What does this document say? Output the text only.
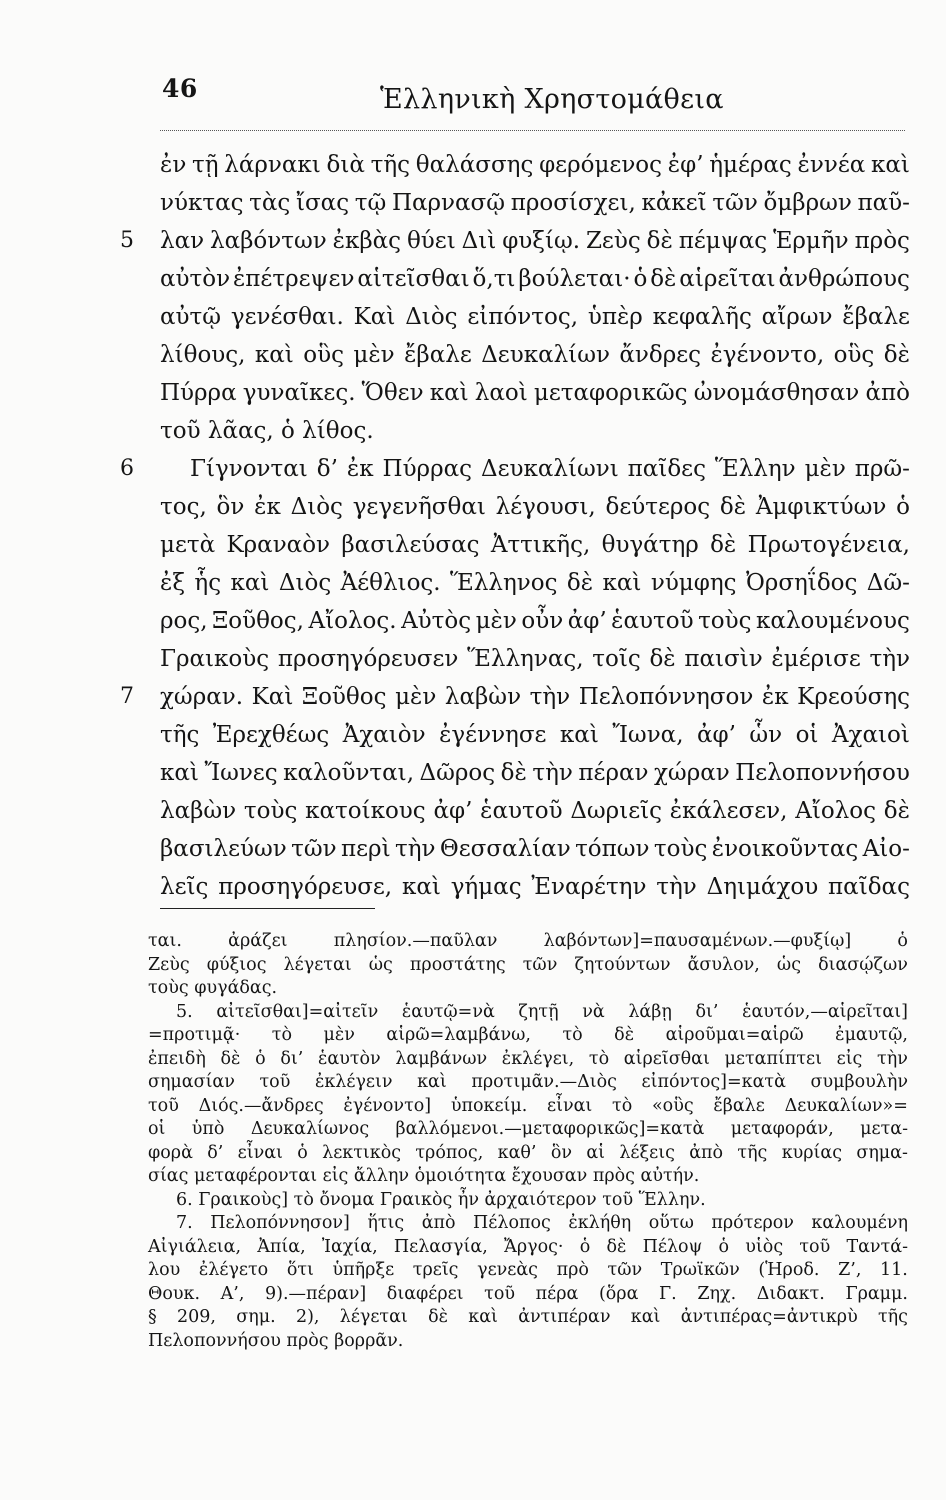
46	Ἑλληνικὴ Χρηστομάθεια
ἐν τῇ λάρνακι διὰ τῆς θαλάσσης φερόμενος ἐφ’ ἡμέρας ἐννέα καὶ
νύκτας τὰς ἴσας τῷ Παρνασῷ προσίσχει, κἀκεῖ τῶν ὄμβρων παῦ-
5 λαν λαβόντων ἐκβὰς θύει Διὶ φυξίῳ. Ζεὺς δὲ πέμψας Ἑρμῆν πρὸς
αὐτὸν ἐπέτρεψεν αἱτεῖσθαι ὅ,τι βούλεται· ὁ δὲ αἱρεῖται ἀνθρώπους
αὐτῷ γενέσθαι. Καὶ Διὸς εἰπόντος, ὑπὲρ κεφαλῆς αἴρων ἔβαλε
λίθους, καὶ οὓς μὲν ἔβαλε Δευκαλίων ἄνδρες ἐγένοντο, οὓς δὲ
Πύρρα γυναῖκες. Ὅθεν καὶ λαοὶ μεταφορικῶς ὠνομάσθησαν ἀπὸ
τοῦ λᾶας, ὁ λίθος.
6 Γίγνονται δ’ ἐκ Πύρρας Δευκαλίωνι παῖδες Ἕλλην μὲν πρῶ-
τος, ὃν ἐκ Διὸς γεγενῆσθαι λέγουσι, δεύτερος δὲ Ἀμφικτύων ὁ
μετὰ Κραναὸν βασιλεύσας Ἀττικῆς, θυγάτηρ δὲ Πρωτογένεια,
ἐξ ἧς καὶ Διὸς Ἀέθλιος. Ἕλληνος δὲ καὶ νύμφης Ὀρσηΐδος Δῶ-
ρος, Ξοῦθος, Αἴολος. Αὐτὸς μὲν οὖν ἀφ’ ἑαυτοῦ τοὺς καλουμένους
Γραικοὺς προσηγόρευσεν Ἕλληνας, τοῖς δὲ παισὶν ἐμέρισε τὴν
7 χώραν. Καὶ Ξοῦθος μὲν λαβὼν τὴν Πελοπόννησον ἐκ Κρεούσης
τῆς Ἐρεχθέως Ἀχαιὸν ἐγέννησε καὶ Ἴωνα, ἀφ’ ὧν οἱ Ἀχαιοὶ
καὶ Ἴωνες καλοῦνται, Δῶρος δὲ τὴν πέραν χώραν Πελοποννήσου
λαβὼν τοὺς κατοίκους ἀφ’ ἑαυτοῦ Δωριεῖς ἐκάλεσεν, Αἴολος δὲ
βασιλεύων τῶν περὶ τὴν Θεσσαλίαν τόπων τοὺς ἐνοικοῦντας Αἰο-
λεῖς προσηγόρευσε, καὶ γήμας Ἐναρέτην τὴν Δηιμάχου παῖδας
ται.	ἀράζει	πλησίον.—παῦλαν	λαβόντων]=παυσαμένων.—φυξίῳ]	ὁ
Ζεὺς φύξιος λέγεται ὡς προστάτης τῶν ζητούντων ἄσυλον, ὡς διασῴζων
τοὺς φυγάδας.
5. αἰτεῖσθαι]=αἰτεῖν ἑαυτῷ=νὰ ζητῇ νὰ λάβῃ δι’ ἑαυτόν,—αἱρεῖται]
=προτιμᾷ· τὸ μὲν αἱρῶ=λαμβάνω, τὸ δὲ αἱροῦμαι=αἱρῶ ἐμαυτῷ,
ἐπειδὴ δὲ ὁ δι’ ἑαυτὸν λαμβάνων ἐκλέγει, τὸ αἱρεῖσθαι μεταπίπτει εἰς τὴν
σημασίαν τοῦ ἐκλέγειν καὶ προτιμᾶν.—Διὸς εἰπόντος]=κατὰ συμβουλὴν
τοῦ Διός.—ἄνδρες ἐγένοντο] ὑποκείμ. εἶναι τὸ «οὓς ἔβαλε Δευκαλίων»=
οἱ ὑπὸ Δευκαλίωνος βαλλόμενοι.—μεταφορικῶς]=κατὰ μεταφοράν, μετα-
φορὰ δ’ εἶναι ὁ λεκτικὸς τρόπος, καθ’ ὃν αἱ λέξεις ἀπὸ τῆς κυρίας σημα-
σίας μεταφέρονται εἰς ἄλλην ὁμοιότητα ἔχουσαν πρὸς αὐτήν.
6. Γραικοὺς] τὸ ὄνομα Γραικὸς ἦν ἀρχαιότερον τοῦ Ἕλλην.
7. Πελοπόννησον] ἥτις ἀπὸ Πέλοπος ἐκλήθη οὕτω πρότερον καλουμένη
Αἰγιάλεια, Ἀπία, Ἰαχία, Πελασγία, Ἄργος· ὁ δὲ Πέλοψ ὁ υἱὸς τοῦ Ταντά-
λου ἐλέγετο ὅτι ὑπῆρξε τρεῖς γενεὰς πρὸ τῶν Τρωϊκῶν (Ἡροδ. Ζ’, 11.
Θουκ. Α’, 9).—πέραν] διαφέρει τοῦ πέρα (ὅρα Γ. Ζηχ. Διδακτ. Γραμμ.
§ 209, σημ. 2), λέγεται δὲ καὶ ἀντιπέραν καὶ ἀντιπέρας=ἀντικρὺ τῆς
Πελοποννήσου πρὸς βορρᾶν.
